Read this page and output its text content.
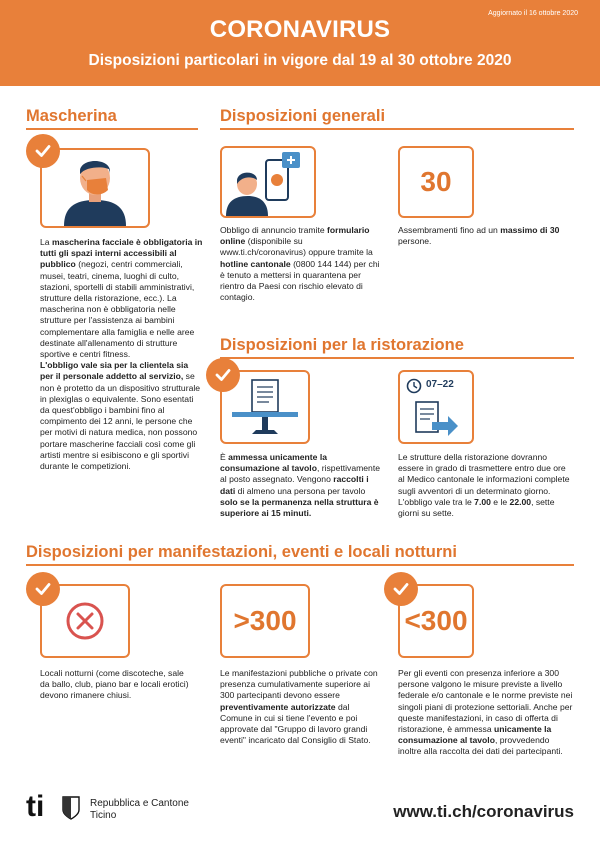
Aggiornato il 16 ottobre 2020
CORONAVIRUS
Disposizioni particolari in vigore dal 19 al 30 ottobre 2020
Mascherina
La mascherina facciale è obbligatoria in tutti gli spazi interni accessibili al pubblico (negozi, centri commerciali, musei, teatri, cinema, luoghi di culto, stazioni, sportelli di stabili amministrativi, strutture della ristorazione, ecc.). La mascherina non è obbligatoria nelle strutture per l'assistenza ai bambini complementare alla famiglia e nelle aree destinate all'allenamento di strutture sportive e centri fitness.
L'obbligo vale sia per la clientela sia per il personale addetto al servizio, se non è protetto da un dispositivo strutturale in plexiglas o equivalente. Sono esentati da quest'obbligo i bambini fino al compimento dei 12 anni, le persone che per motivi di natura medica, non possono portare mascherine facciali così come gli artisti mentre si esibiscono e gli sportivi durante le competizioni.
Disposizioni generali
Obbligo di annuncio tramite formulario online (disponibile su www.ti.ch/coronavirus) oppure tramite la hotline cantonale (0800 144 144) per chi è tenuto a mettersi in quarantena per rientro da Paesi con rischio elevato di contagio.
30
Assembramenti fino ad un massimo di 30 persone.
Disposizioni per la ristorazione
È ammessa unicamente la consumazione al tavolo, rispettivamente al posto assegnato. Vengono raccolti i dati di almeno una persona per tavolo solo se la permanenza nella struttura è superiore ai 15 minuti.
07–22
Le strutture della ristorazione dovranno essere in grado di trasmettere entro due ore al Medico cantonale le informazioni complete sugli avventori di un determinato giorno. L'obbligo vale tra le 7.00 e le 22.00, sette giorni su sette.
Disposizioni per manifestazioni, eventi e locali notturni
Locali notturni (come discoteche, sale da ballo, club, piano bar e locali erotici) devono rimanere chiusi.
>300
Le manifestazioni pubbliche o private con presenza cumulativamente superiore ai 300 partecipanti devono essere preventivamente autorizzate dal Comune in cui si tiene l'evento e poi approvate dal "Gruppo di lavoro grandi eventi" incaricato dal Consiglio di Stato.
<300
Per gli eventi con presenza inferiore a 300 persone valgono le misure previste a livello federale e/o cantonale e le norme previste nei singoli piani di protezione settoriali. Anche per queste manifestazioni, in caso di offerta di ristorazione, è ammessa unicamente la consumazione al tavolo, provvedendo inoltre alla raccolta dei dati dei partecipanti.
ti	Repubblica e Cantone
Ticino	www.ti.ch/coronavirus
